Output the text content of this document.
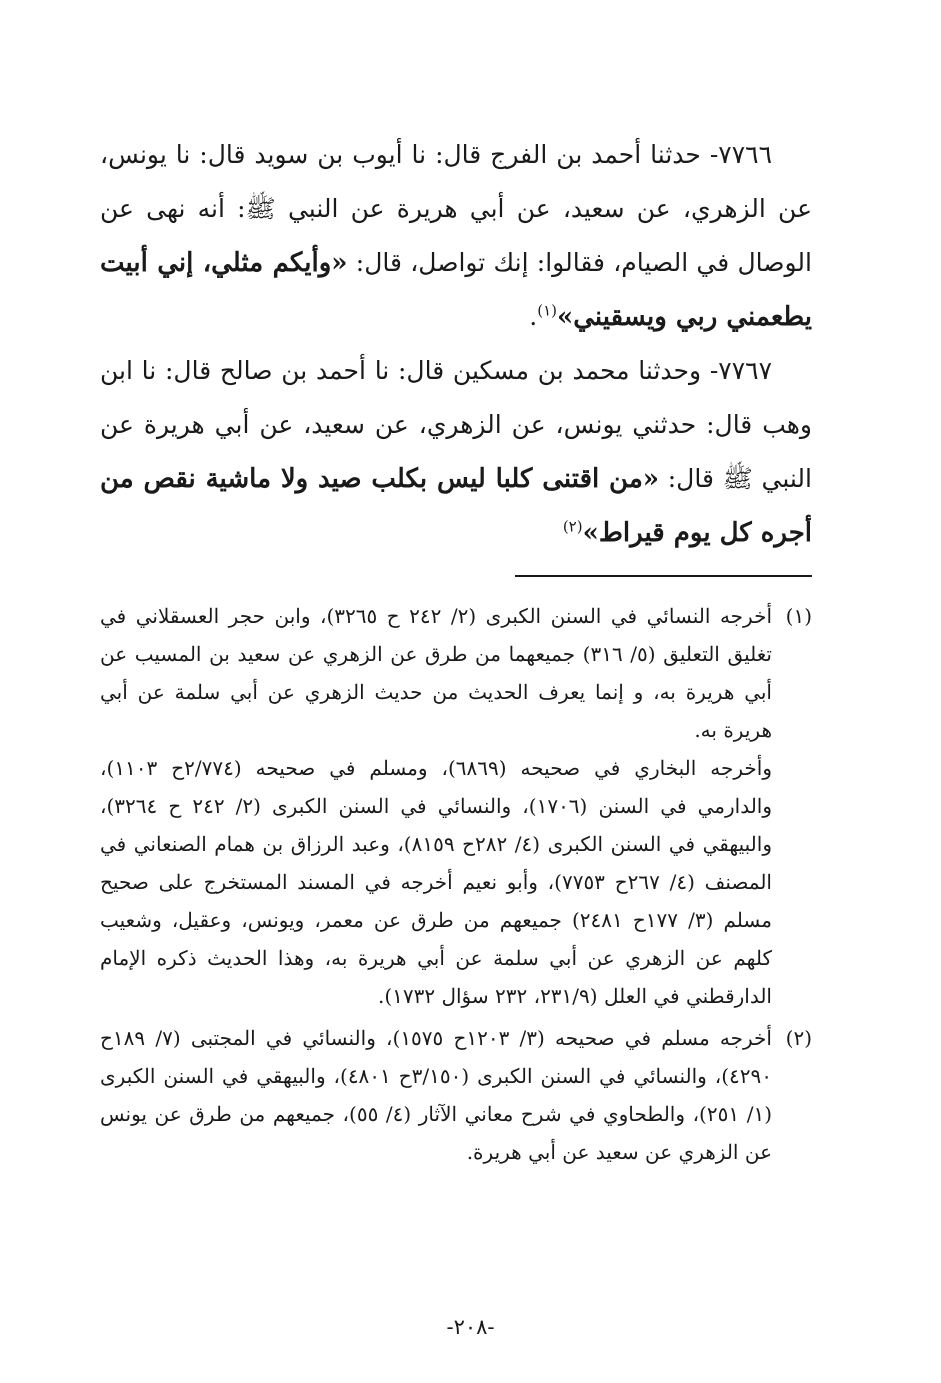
٧٧٦٦- حدثنا أحمد بن الفرج قال: نا أيوب بن سويد قال: نا يونس، عن الزهري، عن سعيد، عن أبي هريرة عن النبي ﷺ: أنه نهى عن الوصال في الصيام، فقالوا: إنك تواصل، قال: «وأيكم مثلي، إني أبيت يطعمني ربي ويسقيني»$^{(١)}$.

٧٧٦٧- وحدثنا محمد بن مسكين قال: نا أحمد بن صالح قال: نا ابن وهب قال: حدثني يونس، عن الزهري، عن سعيد، عن أبي هريرة عن النبي ﷺ قال: «من اقتنى كلبا ليس بكلب صيد ولا ماشية نقص من أجره كل يوم قيراط»$^{(٢)}$

(١)

أخرجه النسائي في السنن الكبرى (٢/ ٢٤٢ ح ٣٢٦٥)، وابن حجر العسقلاني في تغليق التعليق (٥/ ٣١٦) جميعهما من طرق عن الزهري عن سعيد بن المسيب عن أبي هريرة به، و إنما يعرف الحديث من حديث الزهري عن أبي سلمة عن أبي هريرة به.

وأخرجه البخاري في صحيحه (٦٨٦٩)، ومسلم في صحيحه (٢/٧٧٤ح ١١٠٣)، والدارمي في السنن (١٧٠٦)، والنسائي في السنن الكبرى (٢/ ٢٤٢ ح ٣٢٦٤)، والبيهقي في السنن الكبرى (٤/ ٢٨٢ح ٨١٥٩)، وعبد الرزاق بن همام الصنعاني في المصنف (٤/ ٢٦٧ح ٧٧٥٣)، وأبو نعيم أخرجه في المسند المستخرج على صحيح مسلم (٣/ ١٧٧ح ٢٤٨١) جميعهم من طرق عن معمر، ويونس، وعقيل، وشعيب كلهم عن الزهري عن أبي سلمة عن أبي هريرة به، وهذا الحديث ذكره الإمام الدارقطني في العلل (٢٣١/٩، ٢٣٢ سؤال ١٧٣٢).

(٢)

أخرجه مسلم في صحيحه (٣/ ١٢٠٣ح ١٥٧٥)، والنسائي في المجتبى (٧/ ١٨٩ح ٤٢٩٠)، والنسائي في السنن الكبرى (٣/١٥٠ح ٤٨٠١)، والبيهقي في السنن الكبرى (١/ ٢٥١)، والطحاوي في شرح معاني الآثار (٤/ ٥٥)، جميعهم من طرق عن يونس عن الزهري عن سعيد عن أبي هريرة.

-٢٠٨-
